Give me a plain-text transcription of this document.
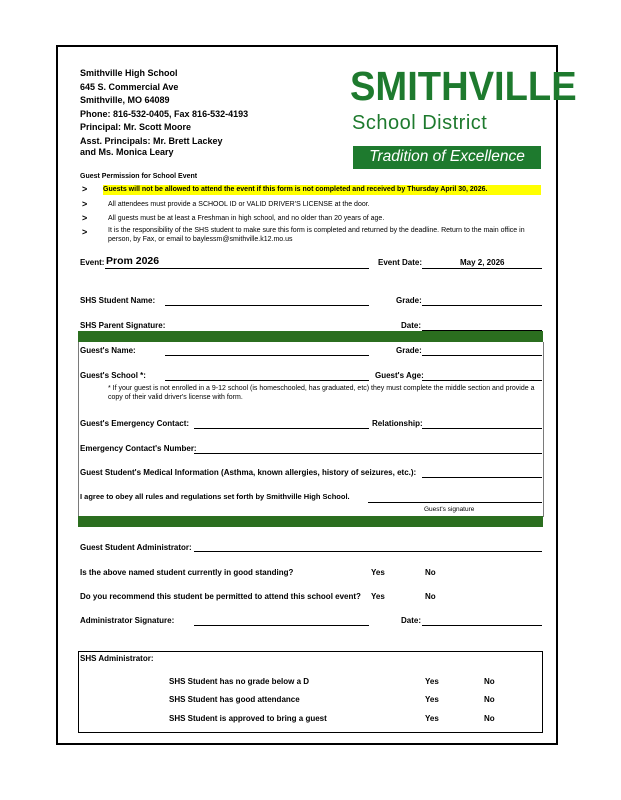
Smithville High School
645 S. Commercial Ave
Smithville, MO 64089
Phone: 816-532-0405, Fax 816-532-4193
Principal: Mr. Scott Moore
Asst. Principals: Mr. Brett Lackey
and Ms. Monica Leary
SMITHVILLE
School District
Tradition of Excellence
Guest Permission for School Event
> Guests will not be allowed to attend the event if this form is not completed and received by Thursday April 30, 2026.
>	All attendees must provide a SCHOOL ID or VALID DRIVER'S LICENSE at the door.
>	All guests must be at least a Freshman in high school, and no older than 20 years of age.
>	It is the responsibility of the SHS student to make sure this form is completed and returned by the deadline. Return to the main office in person, by Fax, or email to baylessm@smithville.k12.mo.us
Event: Prom 2026	Event Date:	May 2, 2026
SHS Student Name:	Grade:
SHS Parent Signature:	Date:
Guest's Name:	Grade:
Guest's School *:	Guest's Age:
* If your guest is not enrolled in a 9-12 school (is homeschooled, has graduated, etc) they must complete the middle section and provide a copy of their valid driver's license with form.
Guest's Emergency Contact:	Relationship:
Emergency Contact's Number:
Guest Student's Medical Information (Asthma, known allergies, history of seizures, etc.):
I agree to obey all rules and regulations set forth by Smithville High School.
Guest's signature
Guest Student Administrator:
Is the above named student currently in good standing?	Yes	No
Do you recommend this student be permitted to attend this school event? Yes	No
Administrator Signature:	Date:
SHS Administrator:
SHS Student has no grade below a D	Yes	No
SHS Student has good attendance	Yes	No
SHS Student is approved to bring a guest	Yes	No
